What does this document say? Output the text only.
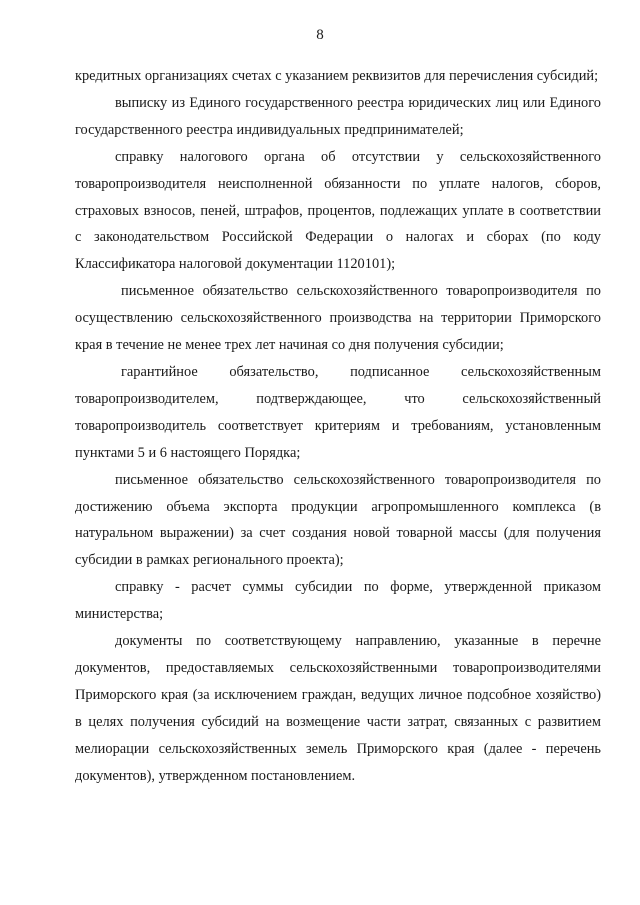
8

кредитных организациях счетах с указанием реквизитов для перечисления субсидий;

выписку из Единого государственного реестра юридических лиц или Единого государственного реестра индивидуальных предпринимателей;

справку налогового органа об отсутствии у сельскохозяйственного товаропроизводителя неисполненной обязанности по уплате налогов, сборов, страховых взносов, пеней, штрафов, процентов, подлежащих уплате в соответствии с законодательством Российской Федерации о налогах и сборах (по коду Классификатора налоговой документации 1120101);

письменное обязательство сельскохозяйственного товаропроизводителя по осуществлению сельскохозяйственного производства на территории Приморского края в течение не менее трех лет начиная со дня получения субсидии;

гарантийное обязательство, подписанное сельскохозяйственным товаропроизводителем, подтверждающее, что сельскохозяйственный товаропроизводитель соответствует критериям и требованиям, установленным пунктами 5 и 6 настоящего Порядка;

письменное обязательство сельскохозяйственного товаропроизводителя по достижению объема экспорта продукции агропромышленного комплекса (в натуральном выражении) за счет создания новой товарной массы (для получения субсидии в рамках регионального проекта);

справку - расчет суммы субсидии по форме, утвержденной приказом министерства;

документы по соответствующему направлению, указанные в перечне документов, предоставляемых сельскохозяйственными товаропроизводителями Приморского края (за исключением граждан, ведущих личное подсобное хозяйство) в целях получения субсидий на возмещение части затрат, связанных с развитием мелиорации сельскохозяйственных земель Приморского края (далее - перечень документов), утвержденном постановлением.
